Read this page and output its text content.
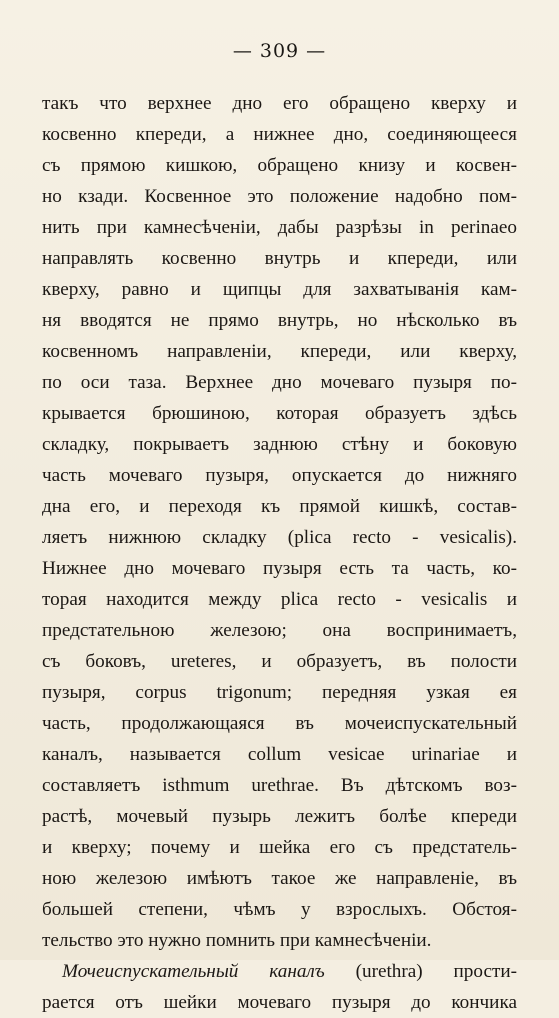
— 309 —
такъ что верхнее дно его обращено кверху и
косвенно кпереди, а нижнее дно, соединяющееся
съ прямою кишкою, обращено книзу и косвен-
но кзади. Косвенное это положение надобно пом-
нить при камнесѣченіи, дабы разрѣзы in perinaeo
направлять косвенно внутрь и кпереди, или
кверху, равно и щипцы для захватыванія кам-
ня вводятся не прямо внутрь, но нѣсколько въ
косвенномъ направленіи, кпереди, или кверху,
по оси таза. Верхнее дно мочеваго пузыря по-
крывается брюшиною, которая образуетъ здѣсь
складку, покрываетъ заднюю стѣну и боковую
часть мочеваго пузыря, опускается до нижняго
дна его, и переходя къ прямой кишкѣ, состав-
ляетъ нижнюю складку (plica recto - vesicalis).
Нижнее дно мочеваго пузыря есть та часть, ко-
торая находится между plica recto - vesicalis и
предстательною железою; она воспринимаетъ,
съ боковъ, ureteres, и образуетъ, въ полости
пузыря, corpus trigonum; передняя узкая ея
часть, продолжающаяся въ мочеиспускательный
каналъ, называется collum vesicae urinariae и
составляетъ isthmum urethrae. Въ дѣтскомъ воз-
растѣ, мочевый пузырь лежитъ болѣе кпереди
и кверху; почему и шейка его съ предстатель-
ною железою имѣютъ такое же направленіе, въ
большей степени, чѣмъ у взрослыхъ. Обстоя-
тельство это нужно помнить при камнесѣченіи.
Мочеиспускательный каналъ (urethra) прости-
рается отъ шейки мочеваго пузыря до кончика
